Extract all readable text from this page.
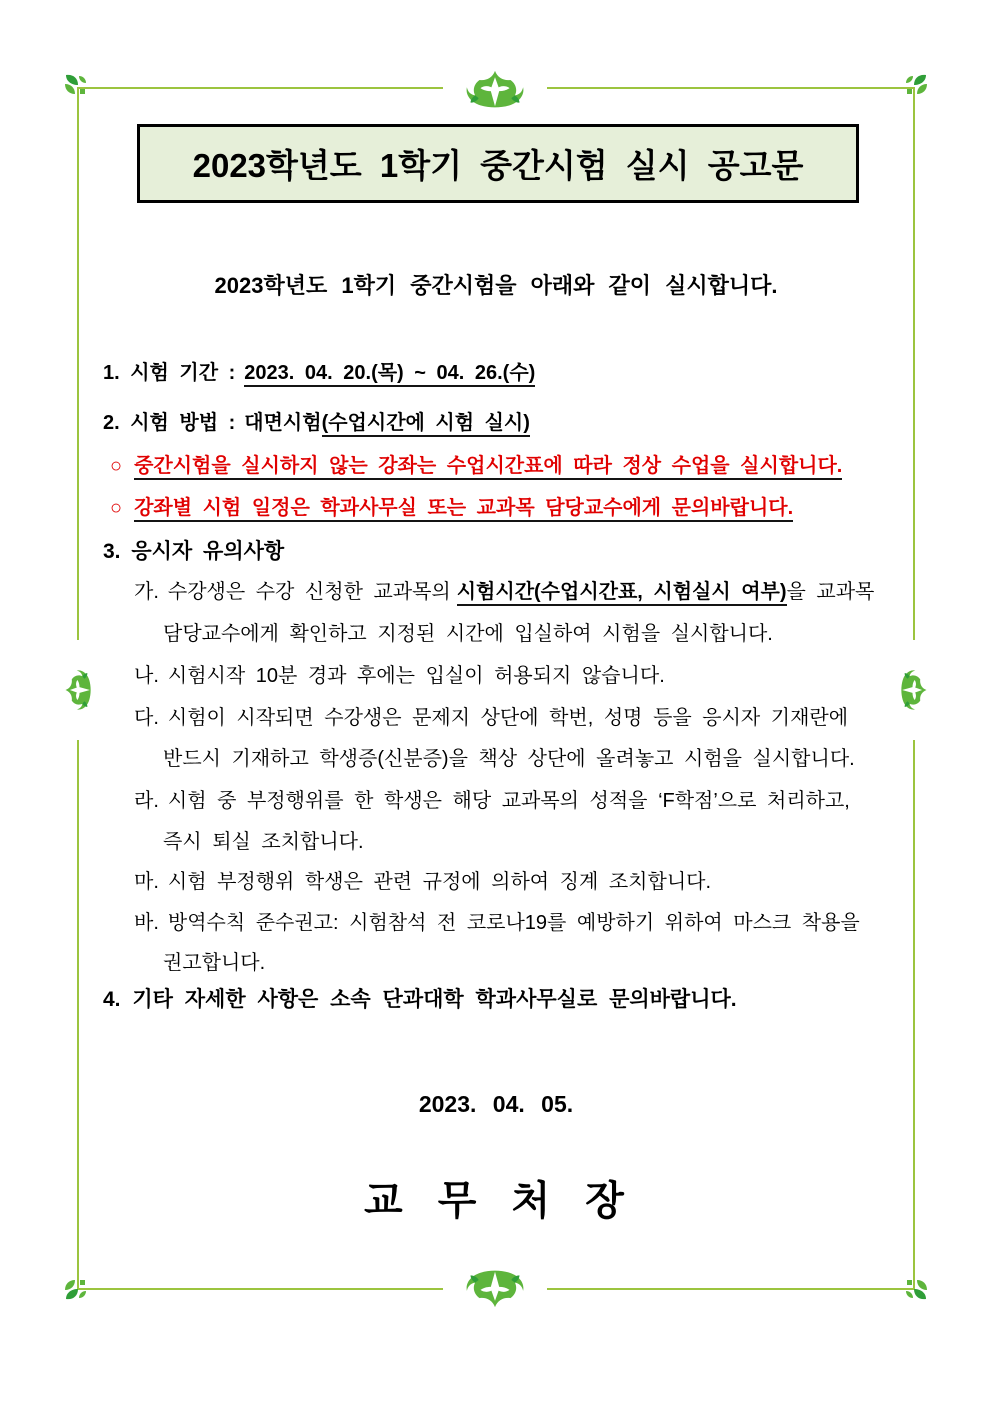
2023학년도 1학기 중간시험 실시 공고문
2023학년도 1학기 중간시험을 아래와 같이 실시합니다.
1. 시험 기간 : 2023. 04. 20.(목) ~ 04. 26.(수)
2. 시험 방법 : 대면시험(수업시간에 시험 실시)
○ 중간시험을 실시하지 않는 강좌는 수업시간표에 따라 정상 수업을 실시합니다.
○ 강좌별 시험 일정은 학과사무실 또는 교과목 담당교수에게 문의바랍니다.
3. 응시자 유의사항
가. 수강생은 수강 신청한 교과목의 시험시간(수업시간표, 시험실시 여부)을 교과목
담당교수에게 확인하고 지정된 시간에 입실하여 시험을 실시합니다.
나. 시험시작 10분 경과 후에는 입실이 허용되지 않습니다.
다. 시험이 시작되면 수강생은 문제지 상단에 학번, 성명 등을 응시자 기재란에
반드시 기재하고 학생증(신분증)을 책상 상단에 올려놓고 시험을 실시합니다.
라. 시험 중 부정행위를 한 학생은 해당 교과목의 성적을 ‘F학점’으로 처리하고,
즉시 퇴실 조치합니다.
마. 시험 부정행위 학생은 관련 규정에 의하여 징계 조치합니다.
바. 방역수칙 준수권고: 시험참석 전 코로나19를 예방하기 위하여 마스크 착용을
권고합니다.
4. 기타 자세한 사항은 소속 단과대학 학과사무실로 문의바랍니다.
2023. 04. 05.
교 무 처 장
